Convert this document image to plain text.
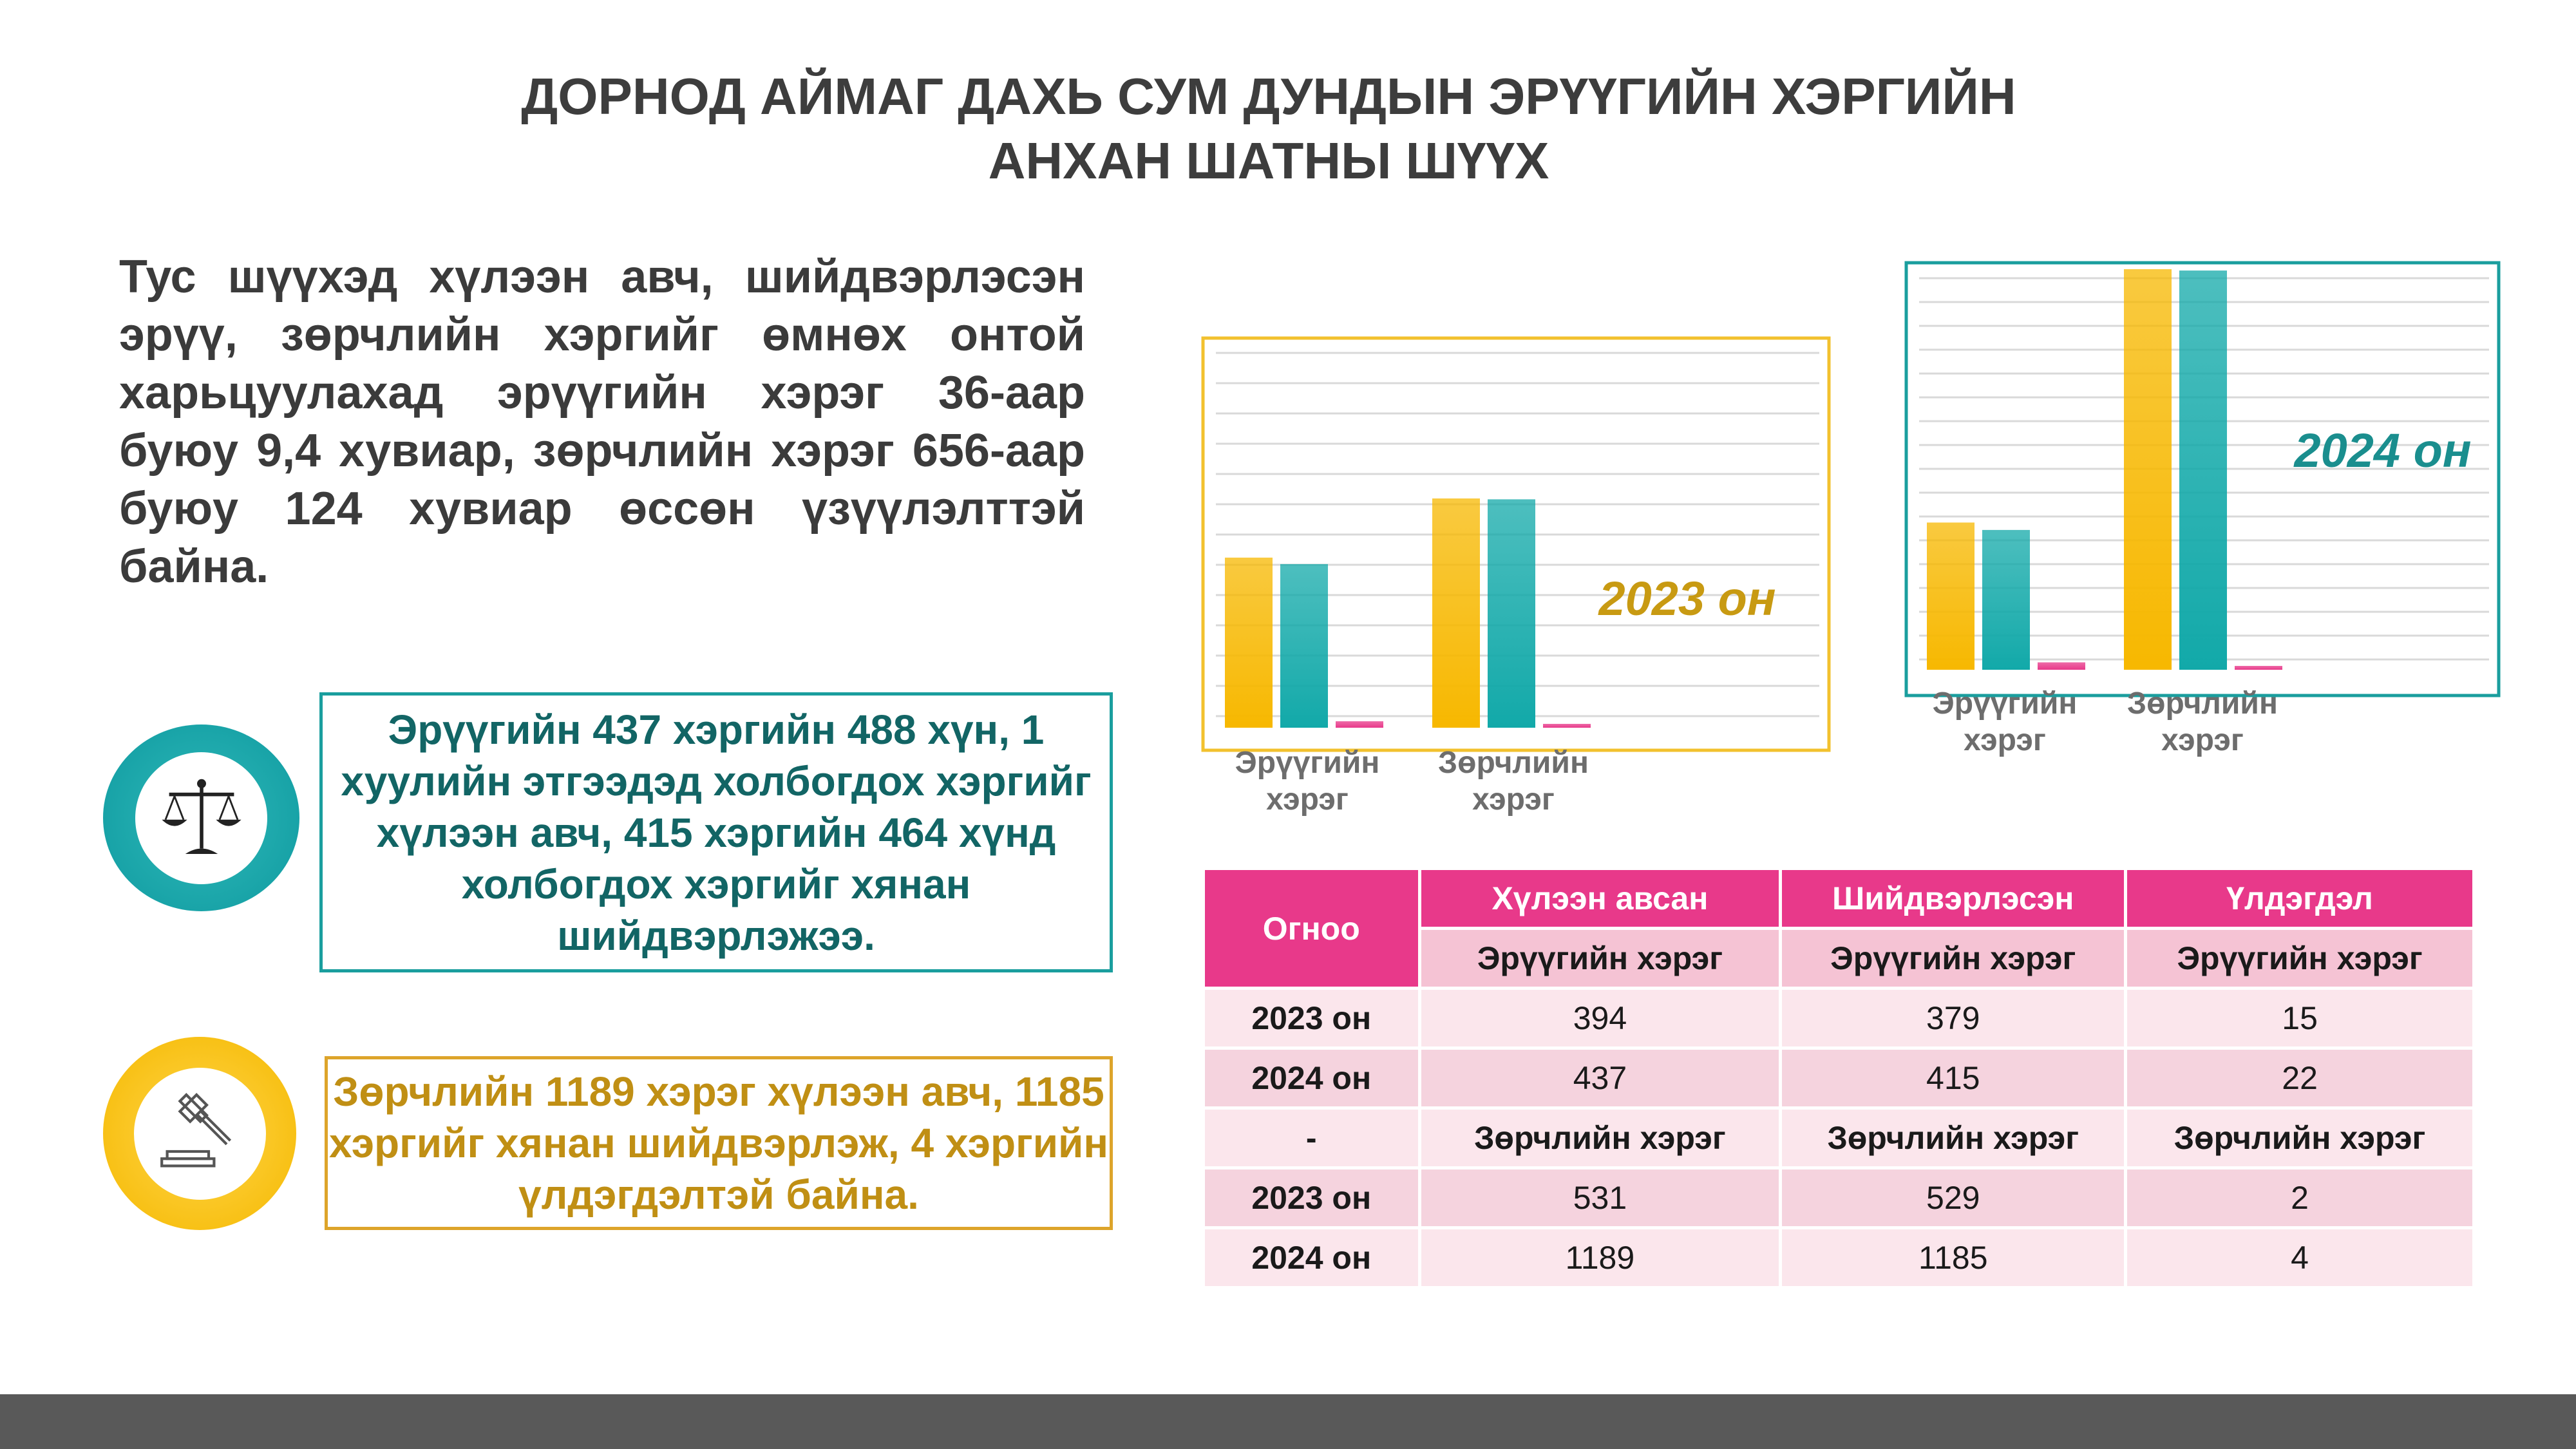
ДОРНОД АЙМАГ ДАХЬ СУМ ДУНДЫН ЭРҮҮГИЙН ХЭРГИЙН
АНХАН ШАТНЫ ШҮҮХ
Тус шүүхэд хүлээн авч, шийдвэрлэсэн эрүү, зөрчлийн хэргийг өмнөх онтой харьцуулахад эрүүгийн хэрэг 36-аар буюу 9,4 хувиар, зөрчлийн хэрэг 656-аар буюу 124 хувиар өссөн үзүүлэлттэй байна.
Эрүүгийн 437 хэргийн 488 хүн, 1 хуулийн этгээдэд холбогдох хэргийг хүлээн авч, 415 хэргийн 464 хүнд холбогдох хэргийг хянан шийдвэрлэжээ.
Зөрчлийн 1189 хэрэг хүлээн авч, 1185 хэргийг хянан шийдвэрлэж, 4 хэргийн үлдэгдэлтэй байна.
Эрүүгийн
хэрэг
Зөрчлийн
хэрэг
2023 он
Эрүүгийн
хэрэг
Зөрчлийн
хэрэг
2024 он
Огноо	Хүлээн авсан	Шийдвэрлэсэн	Үлдэгдэл
	Эрүүгийн хэрэг	Эрүүгийн хэрэг	Эрүүгийн хэрэг
2023 он	394	379	15
2024 он	437	415	22
-	Зөрчлийн хэрэг	Зөрчлийн хэрэг	Зөрчлийн хэрэг
2023 он	531	529	2
2024 он	1189	1185	4
